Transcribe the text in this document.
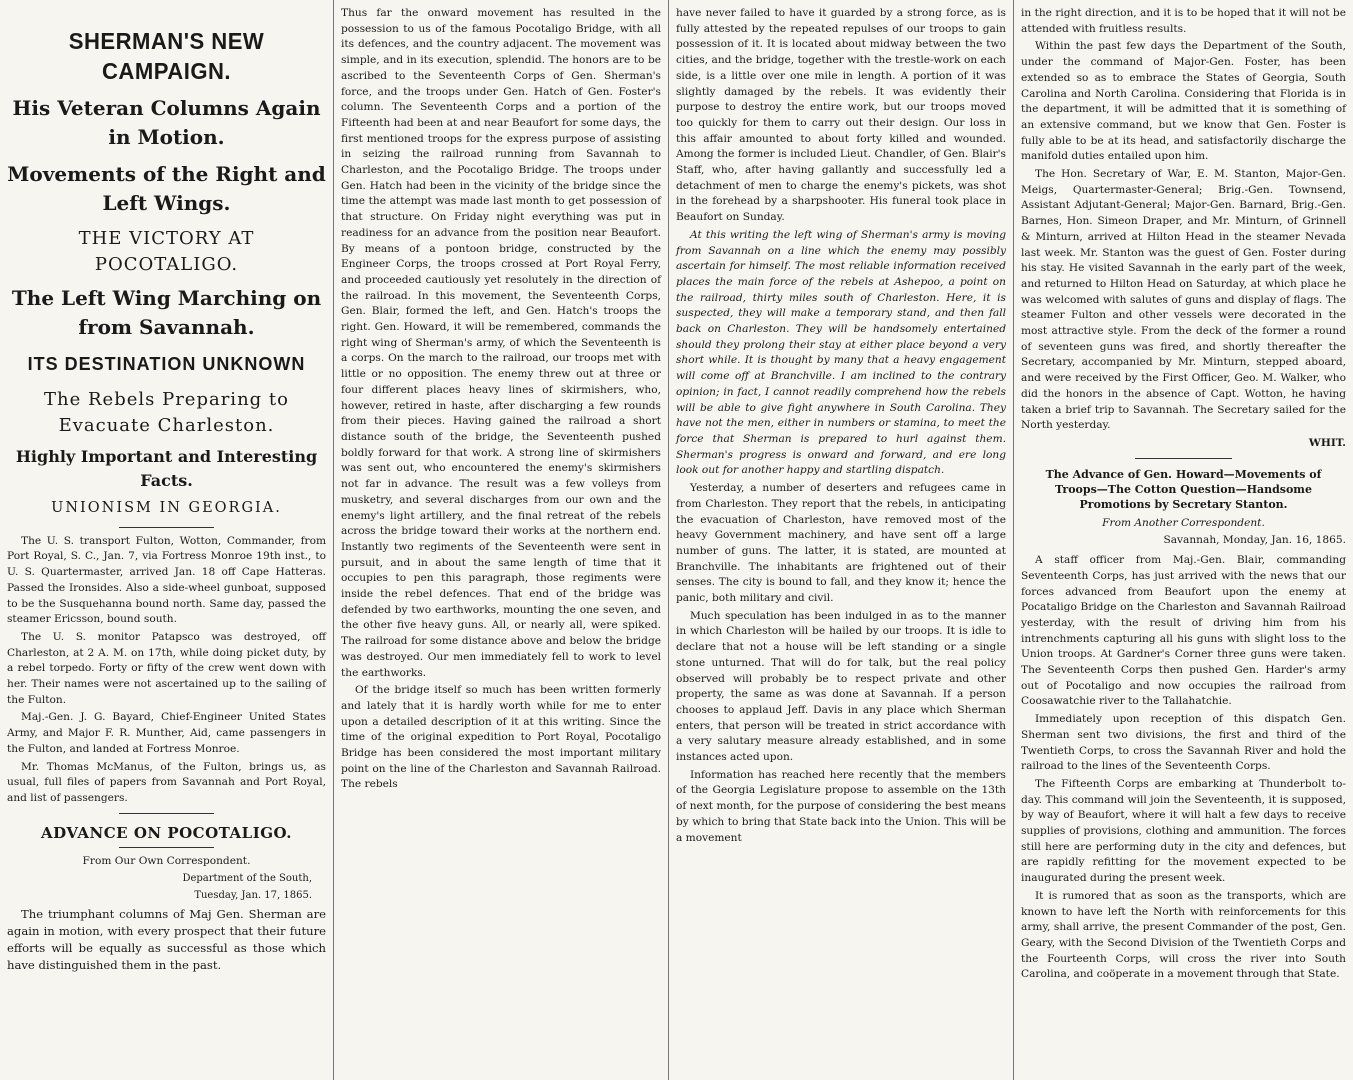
SHERMAN'S NEW CAMPAIGN.
His Veteran Columns Again in Motion.
Movements of the Right and Left Wings.
THE VICTORY AT POCOTALIGO.
The Left Wing Marching on from Savannah.
ITS DESTINATION UNKNOWN
The Rebels Preparing to Evacuate Charleston.
Highly Important and Interesting Facts.
UNIONISM IN GEORGIA.

The U. S. transport Fulton, Wotton, Commander, from Port Royal, S. C., Jan. 7, via Fortress Monroe 19th inst., to U. S. Quartermaster, arrived Jan. 18 off Cape Hatteras. Passed the Ironsides. Also a side-wheel gunboat, supposed to be the Susquehanna bound north. Same day, passed the steamer Ericsson, bound south.

The U. S. monitor Patapsco was destroyed, off Charleston, at 2 A. M. on 17th, while doing picket duty, by a rebel torpedo. Forty or fifty of the crew went down with her. Their names were not ascertained up to the sailing of the Fulton.

Maj.-Gen. J. G. Bayard, Chief-Engineer United States Army, and Major F. R. Munther, Aid, came passengers in the Fulton, and landed at Fortress Monroe.

Mr. Thomas McManus, of the Fulton, brings us, as usual, full files of papers from Savannah and Port Royal, and list of passengers.

ADVANCE ON POCOTALIGO.
From Our Own Correspondent.
Department of the South,
Tuesday, Jan. 17, 1865.

The triumphant columns of Maj Gen. Sherman are again in motion, with every prospect that their future efforts will be equally as successful as those which have distinguished them in the past.

Thus far the onward movement has resulted in the possession to us of the famous Pocotaligo Bridge, with all its defences, and the country adjacent. The movement was simple, and in its execution, splendid. The honors are to be ascribed to the Seventeenth Corps of Gen. Sherman's force, and the troops under Gen. Hatch of Gen. Foster's column. The Seventeenth Corps and a portion of the Fifteenth had been at and near Beaufort for some days, the first mentioned troops for the express purpose of assisting in seizing the railroad running from Savannah to Charleston, and the Pocotaligo Bridge. The troops under Gen. Hatch had been in the vicinity of the bridge since the time the attempt was made last month to get possession of that structure. On Friday night everything was put in readiness for an advance from the position near Beaufort. By means of a pontoon bridge, constructed by the Engineer Corps, the troops crossed at Port Royal Ferry, and proceeded cautiously yet resolutely in the direction of the railroad. In this movement, the Seventeenth Corps, Gen. Blair, formed the left, and Gen. Hatch's troops the right. Gen. Howard, it will be remembered, commands the right wing of Sherman's army, of which the Seventeenth is a corps. On the march to the railroad, our troops met with little or no opposition. The enemy threw out at three or four different places heavy lines of skirmishers, who, however, retired in haste, after discharging a few rounds from their pieces. Having gained the railroad a short distance south of the bridge, the Seventeenth pushed boldly forward for that work. A strong line of skirmishers was sent out, who encountered the enemy's skirmishers not far in advance. The result was a few volleys from musketry, and several discharges from our own and the enemy's light artillery, and the final retreat of the rebels across the bridge toward their works at the northern end. Instantly two regiments of the Seventeenth were sent in pursuit, and in about the same length of time that it occupies to pen this paragraph, those regiments were inside the rebel defences. That end of the bridge was defended by two earthworks, mounting the one seven, and the other five heavy guns. All, or nearly all, were spiked. The railroad for some distance above and below the bridge was destroyed. Our men immediately fell to work to level the earthworks.

Of the bridge itself so much has been written formerly and lately that it is hardly worth while for me to enter upon a detailed description of it at this writing. Since the time of the original expedition to Port Royal, Pocotaligo Bridge has been considered the most important military point on the line of the Charleston and Savannah Railroad. The rebels

have never failed to have it guarded by a strong force, as is fully attested by the repeated repulses of our troops to gain possession of it. It is located about midway between the two cities, and the bridge, together with the trestle-work on each side, is a little over one mile in length. A portion of it was slightly damaged by the rebels. It was evidently their purpose to destroy the entire work, but our troops moved too quickly for them to carry out their design. Our loss in this affair amounted to about forty killed and wounded. Among the former is included Lieut. Chandler, of Gen. Blair's Staff, who, after having gallantly and successfully led a detachment of men to charge the enemy's pickets, was shot in the forehead by a sharpshooter. His funeral took place in Beaufort on Sunday.

At this writing the left wing of Sherman's army is moving from Savannah on a line which the enemy may possibly ascertain for himself. The most reliable information received places the main force of the rebels at Ashepoo, a point on the railroad, thirty miles south of Charleston. Here, it is suspected, they will make a temporary stand, and then fall back on Charleston. They will be handsomely entertained should they prolong their stay at either place beyond a very short while. It is thought by many that a heavy engagement will come off at Branchville. I am inclined to the contrary opinion; in fact, I cannot readily comprehend how the rebels will be able to give fight anywhere in South Carolina. They have not the men, either in numbers or stamina, to meet the force that Sherman is prepared to hurl against them. Sherman's progress is onward and forward, and ere long look out for another happy and startling dispatch.

Yesterday, a number of deserters and refugees came in from Charleston. They report that the rebels, in anticipating the evacuation of Charleston, have removed most of the heavy Government machinery, and have sent off a large number of guns. The latter, it is stated, are mounted at Branchville. The inhabitants are frightened out of their senses. The city is bound to fall, and they know it; hence the panic, both military and civil.

Much speculation has been indulged in as to the manner in which Charleston will be hailed by our troops. It is idle to declare that not a house will be left standing or a single stone unturned. That will do for talk, but the real policy observed will probably be to respect private and other property, the same as was done at Savannah. If a person chooses to applaud Jeff. Davis in any place which Sherman enters, that person will be treated in strict accordance with a very salutary measure already established, and in some instances acted upon.

Information has reached here recently that the members of the Georgia Legislature propose to assemble on the 13th of next month, for the purpose of considering the best means by which to bring that State back into the Union. This will be a movement

in the right direction, and it is to be hoped that it will not be attended with fruitless results.

Within the past few days the Department of the South, under the command of Major-Gen. Foster, has been extended so as to embrace the States of Georgia, South Carolina and North Carolina. Considering that Florida is in the department, it will be admitted that it is something of an extensive command, but we know that Gen. Foster is fully able to be at its head, and satisfactorily discharge the manifold duties entailed upon him.

The Hon. Secretary of War, E. M. Stanton, Major-Gen. Meigs, Quartermaster-General; Brig.-Gen. Townsend, Assistant Adjutant-General; Major-Gen. Barnard, Brig.-Gen. Barnes, Hon. Simeon Draper, and Mr. Minturn, of Grinnell & Minturn, arrived at Hilton Head in the steamer Nevada last week. Mr. Stanton was the guest of Gen. Foster during his stay. He visited Savannah in the early part of the week, and returned to Hilton Head on Saturday, at which place he was welcomed with salutes of guns and display of flags. The steamer Fulton and other vessels were decorated in the most attractive style. From the deck of the former a round of seventeen guns was fired, and shortly thereafter the Secretary, accompanied by Mr. Minturn, stepped aboard, and were received by the First Officer, Geo. M. Walker, who did the honors in the absence of Capt. Wotton, he having taken a brief trip to Savannah. The Secretary sailed for the North yesterday.

WHIT.
The Advance of Gen. Howard—Movements of Troops—The Cotton Question—Handsome Promotions by Secretary Stanton.
From Another Correspondent.
Savannah, Monday, Jan. 16, 1865.

A staff officer from Maj.-Gen. Blair, commanding Seventeenth Corps, has just arrived with the news that our forces advanced from Beaufort upon the enemy at Pocataligo Bridge on the Charleston and Savannah Railroad yesterday, with the result of driving him from his intrenchments capturing all his guns with slight loss to the Union troops. At Gardner's Corner three guns were taken. The Seventeenth Corps then pushed Gen. Harder's army out of Pocotaligo and now occupies the railroad from Coosawatchie river to the Tallahatchie.

Immediately upon reception of this dispatch Gen. Sherman sent two divisions, the first and third of the Twentieth Corps, to cross the Savannah River and hold the railroad to the lines of the Seventeenth Corps.

The Fifteenth Corps are embarking at Thunderbolt to-day. This command will join the Seventeenth, it is supposed, by way of Beaufort, where it will halt a few days to receive supplies of provisions, clothing and ammunition. The forces still here are performing duty in the city and defences, but are rapidly refitting for the movement expected to be inaugurated during the present week.

It is rumored that as soon as the transports, which are known to have left the North with reinforcements for this army, shall arrive, the present Commander of the post, Gen. Geary, with the Second Division of the Twentieth Corps and the Fourteenth Corps, will cross the river into South Carolina, and coöperate in a movement through that State.
